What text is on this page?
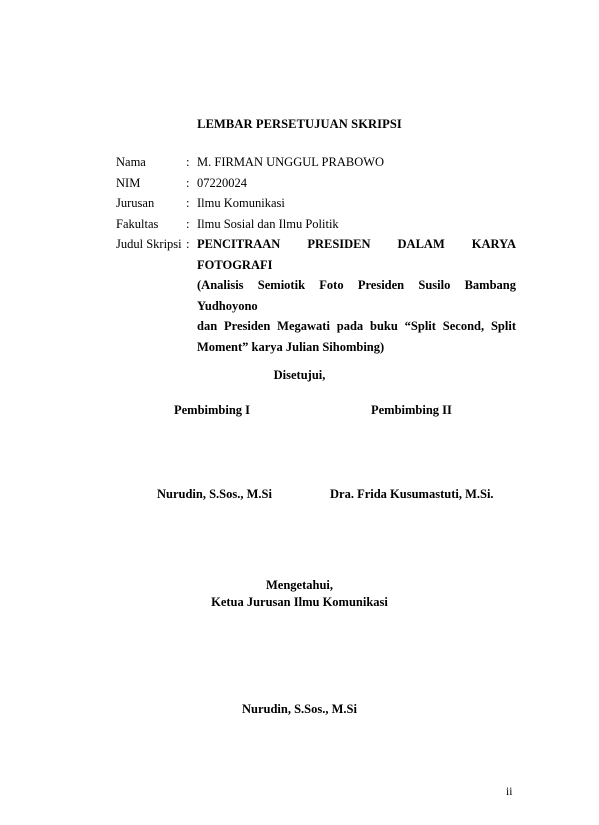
LEMBAR PERSETUJUAN SKRIPSI
Nama	: M. FIRMAN UNGGUL PRABOWO
NIM	: 07220024
Jurusan	: Ilmu Komunikasi
Fakultas	: Ilmu Sosial dan Ilmu Politik
Judul Skripsi : PENCITRAAN PRESIDEN DALAM KARYA FOTOGRAFI
(Analisis Semiotik Foto Presiden Susilo Bambang Yudhoyono
dan Presiden Megawati pada buku “Split Second, Split
Moment” karya Julian Sihombing)
Disetujui,
Pembimbing I	Pembimbing II
Nurudin, S.Sos., M.Si	Dra. Frida Kusumastuti, M.Si.
Mengetahui,
Ketua Jurusan Ilmu Komunikasi
Nurudin, S.Sos., M.Si
ii
